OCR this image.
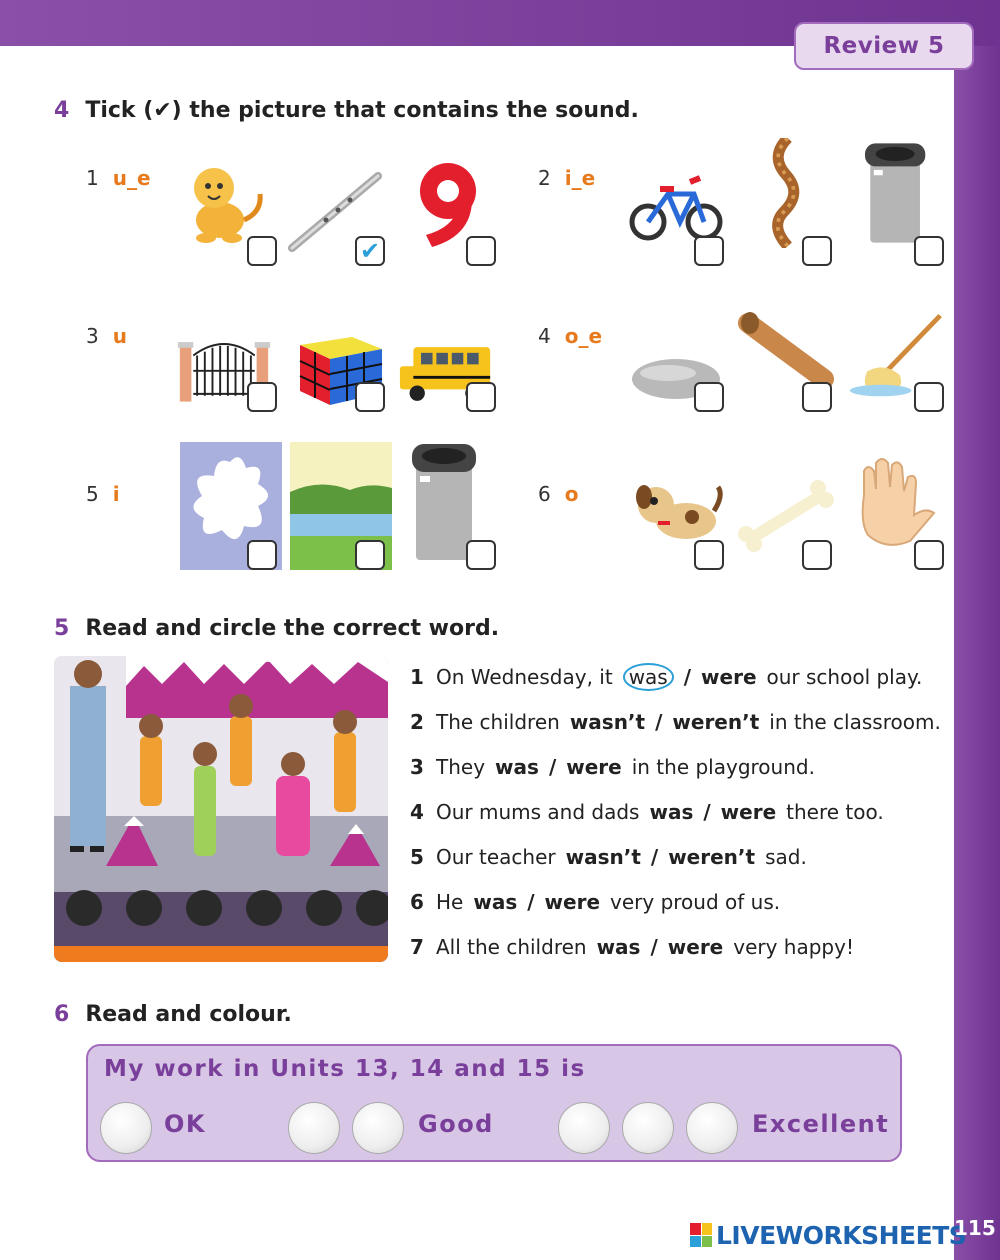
Review 5
4 Tick (✔) the picture that contains the sound.
1 u_e
✔
2 i_e
3 u	4 o_e
5 i	6 o
5 Read and circle the correct word.
1 On Wednesday, it was / were our school play.
2 The children wasn’t / weren’t in the classroom.
3 They was / were in the playground.
4 Our mums and dads was / were there too.
5 Our teacher wasn’t / weren’t sad.
6 He was / were very proud of us.
7 All the children was / were very happy!
6 Read and colour.
My work in Units 13, 14 and 15 is
OK	Good	Excellent
LIVEWORKSHEETS
115
